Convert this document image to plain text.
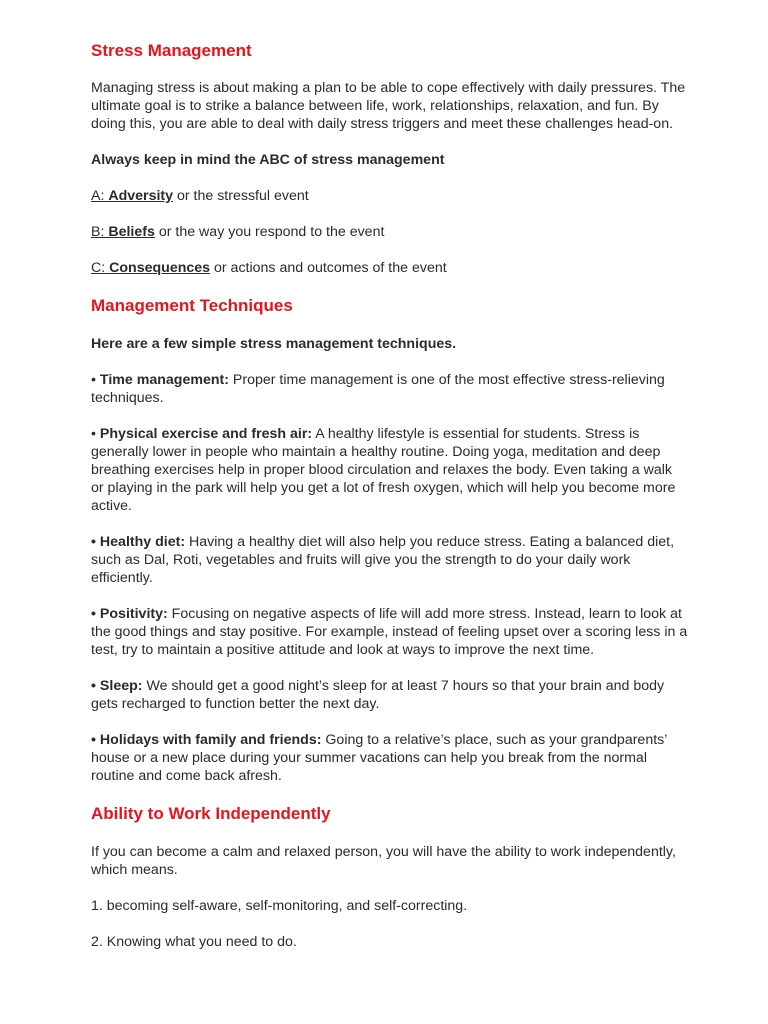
Stress Management

Managing stress is about making a plan to be able to cope effectively with daily pressures. The ultimate goal is to strike a balance between life, work, relationships, relaxation, and fun. By doing this, you are able to deal with daily stress triggers and meet these challenges head-on.

Always keep in mind the ABC of stress management

A: Adversity or the stressful event

B: Beliefs or the way you respond to the event

C: Consequences or actions and outcomes of the event

Management Techniques

Here are a few simple stress management techniques.

• Time management: Proper time management is one of the most effective stress-relieving techniques.

• Physical exercise and fresh air: A healthy lifestyle is essential for students. Stress is generally lower in people who maintain a healthy routine. Doing yoga, meditation and deep breathing exercises help in proper blood circulation and relaxes the body. Even taking a walk or playing in the park will help you get a lot of fresh oxygen, which will help you become more active.

• Healthy diet: Having a healthy diet will also help you reduce stress. Eating a balanced diet, such as Dal, Roti, vegetables and fruits will give you the strength to do your daily work efficiently.

• Positivity: Focusing on negative aspects of life will add more stress. Instead, learn to look at the good things and stay positive. For example, instead of feeling upset over a scoring less in a test, try to maintain a positive attitude and look at ways to improve the next time.

• Sleep: We should get a good night’s sleep for at least 7 hours so that your brain and body gets recharged to function better the next day.

• Holidays with family and friends: Going to a relative’s place, such as your grandparents’ house or a new place during your summer vacations can help you break from the normal routine and come back afresh.

Ability to Work Independently

If you can become a calm and relaxed person, you will have the ability to work independently, which means.

1. becoming self-aware, self-monitoring, and self-correcting.

2. Knowing what you need to do.
